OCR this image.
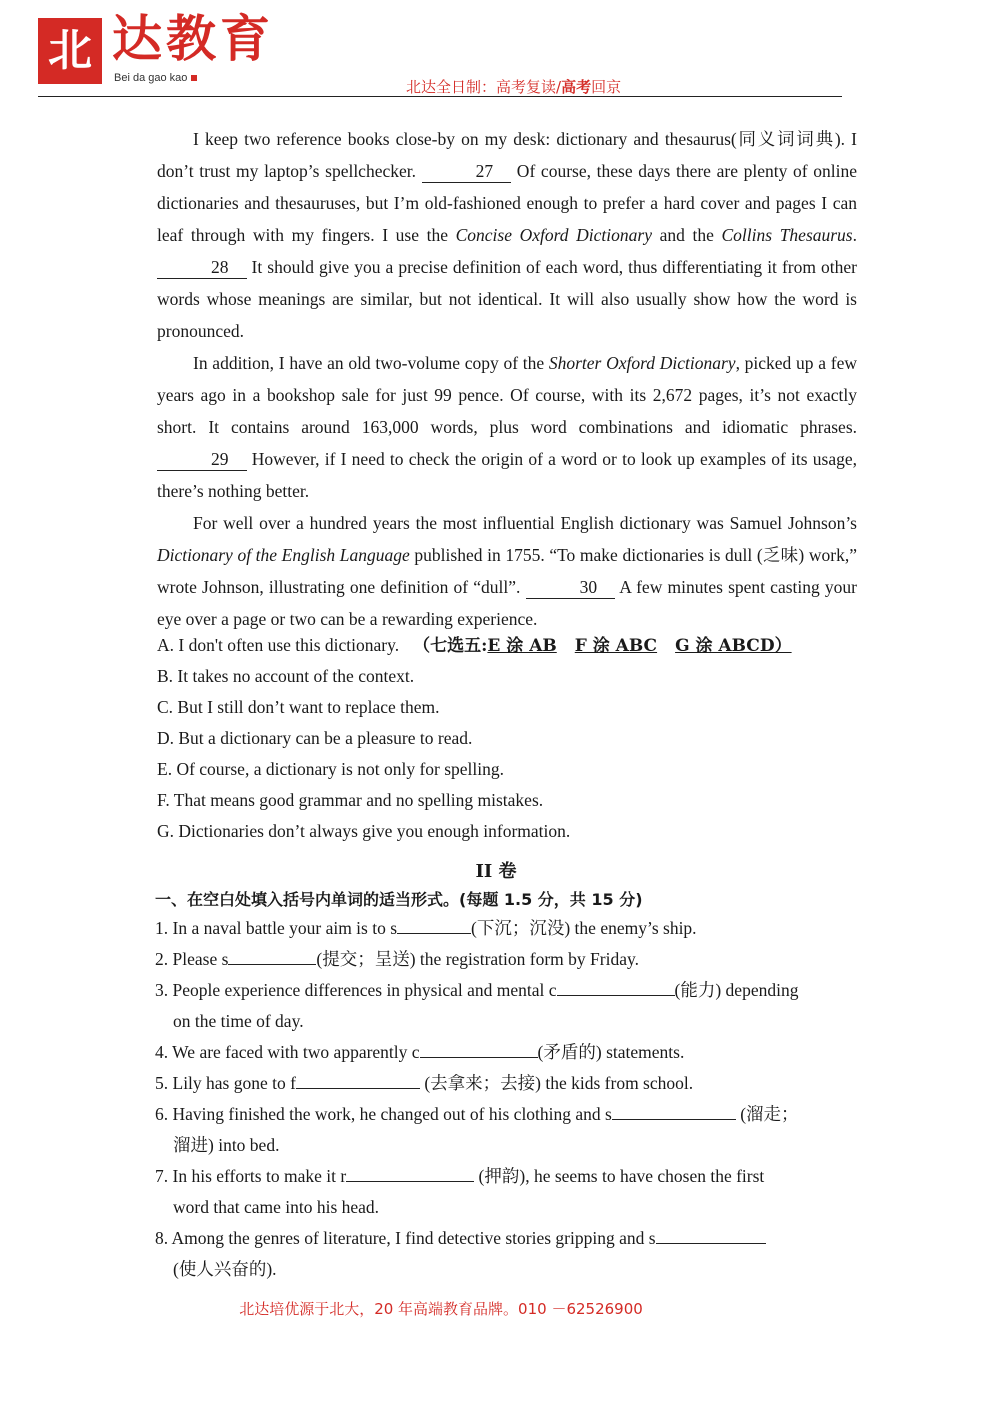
北 达教育
Bei da gao kao	北达全日制：高考复读/高考回京

I keep two reference books close-by on my desk: dictionary and thesaurus(同义词词典). I don’t trust my laptop’s spellchecker.	27 Of course, these days there are plenty of online dictionaries and thesauruses, but I’m old-fashioned enough to prefer a hard cover and pages I can leaf through with my fingers. I use the Concise Oxford Dictionary and the Collins Thesaurus. 28 It should give you a precise definition of each word, thus differentiating it from other words whose meanings are similar, but not identical. It will also usually show how the word is pronounced.

In addition, I have an old two-volume copy of the Shorter Oxford Dictionary, picked up a few years ago in a bookshop sale for just 99 pence. Of course, with its 2,672 pages, it’s not exactly short. It contains around 163,000 words, plus word combinations and idiomatic phrases. 29 However, if I need to check the origin of a word or to look up examples of its usage, there’s nothing better.

For well over a hundred years the most influential English dictionary was Samuel Johnson’s Dictionary of the English Language published in 1755. “To make dictionaries is dull (乏味) work,” wrote Johnson, illustrating one definition of “dull”.	30 A few minutes spent casting your eye over a page or two can be a rewarding experience.

A. I don't often use this dictionary. （七选五:E 涂 AB F 涂 ABC G 涂 ABCD）
B. It takes no account of the context.
C. But I still don’t want to replace them.
D. But a dictionary can be a pleasure to read.
E. Of course, a dictionary is not only for spelling.
F. That means good grammar and no spelling mistakes.
G. Dictionaries don’t always give you enough information.
II 卷
一、在空白处填入括号内单词的适当形式。(每题 1.5 分，共 15 分)
1. In a naval battle your aim is to s	(下沉；沉没) the enemy’s ship.
2. Please s	(提交；呈送) the registration form by Friday.
3. People experience differences in physical and mental c	(能力) depending
on the time of day.
4. We are faced with two apparently c	(矛盾的) statements.
5. Lily has gone to f	(去拿来；去接) the kids from school.
6. Having finished the work, he changed out of his clothing and s	(溜走；
溜进) into bed.
7. In his efforts to make it r	(押韵), he seems to have chosen the first
word that came into his head.
8. Among the genres of literature, I find detective stories gripping and s
(使人兴奋的).
北达培优源于北大，20 年高端教育品牌。010 －62526900
